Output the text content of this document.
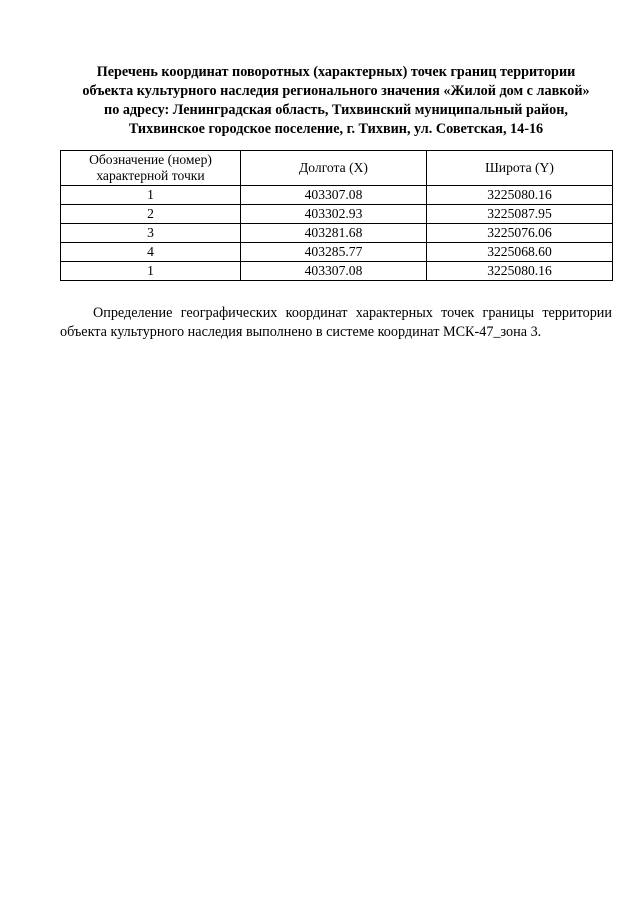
Перечень координат поворотных (характерных) точек границ территории
объекта культурного наследия регионального значения «Жилой дом с лавкой»
по адресу: Ленинградская область, Тихвинский муниципальный район,
Тихвинское городское поселение, г. Тихвин, ул. Советская, 14-16
Обозначение (номер) характерной точки	Долгота (X)	Широта (Y)
1	403307.08	3225080.16
2	403302.93	3225087.95
3	403281.68	3225076.06
4	403285.77	3225068.60
1	403307.08	3225080.16

Определение географических координат характерных точек границы территории объекта культурного наследия выполнено в системе координат МСК-47_зона 3.
